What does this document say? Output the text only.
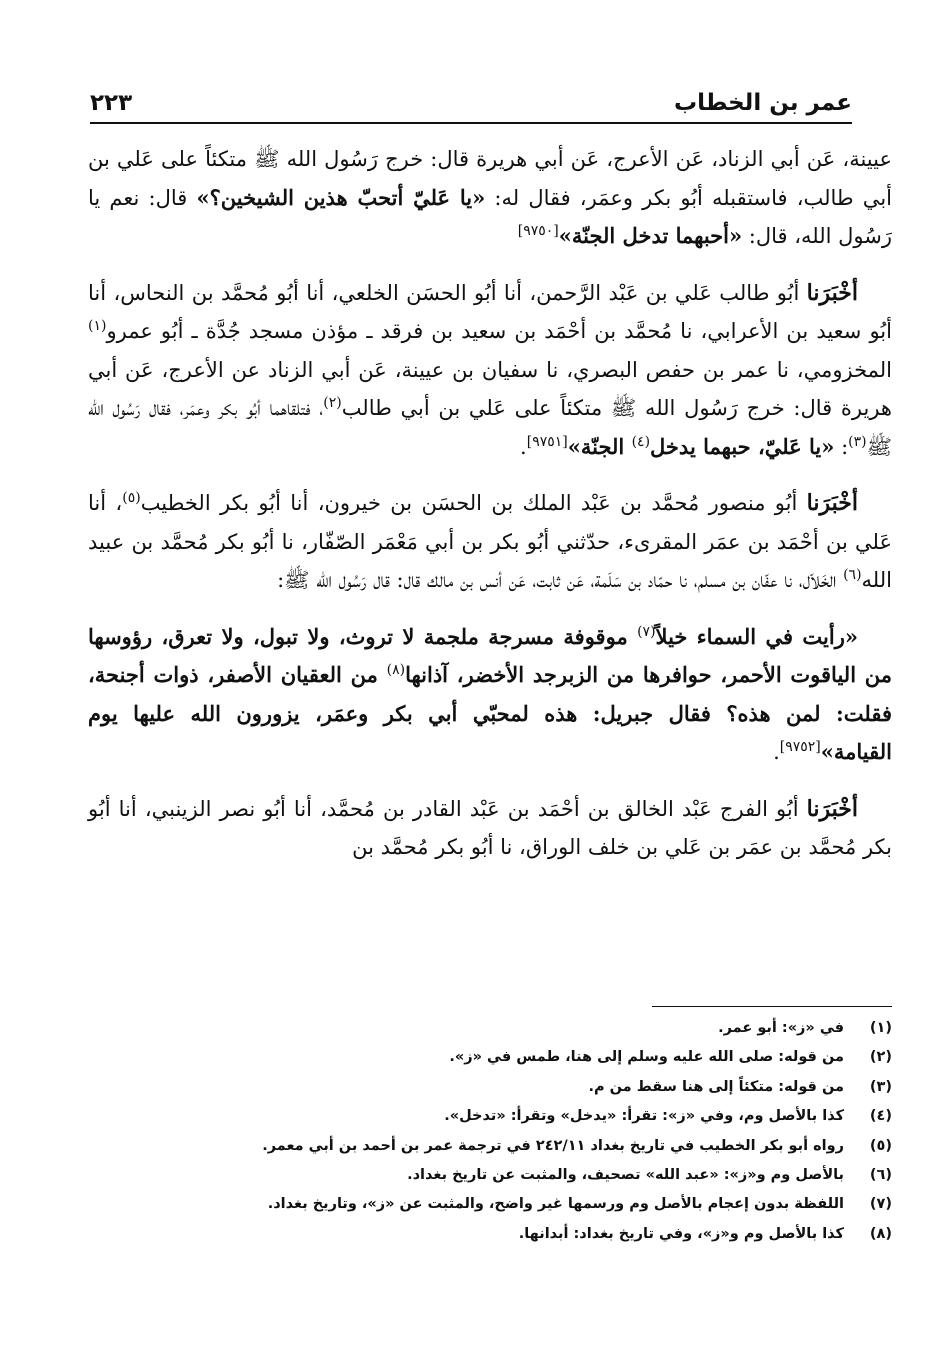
عمر بن الخطاب
٢٢٣

عيينة، عَن أبي الزناد، عَن الأعرج، عَن أبي هريرة قال: خرج رَسُول الله ﷺ متكئاً على عَلي بن أبي طالب، فاستقبله أبُو بكر وعمَر، فقال له: «يا عَليّ أتحبّ هذين الشيخين؟» قال: نعم يا رَسُول الله، قال: «أحبهما تدخل الجنّة»[٩٧٥٠]

أخْبَرَنا أبُو طالب عَلي بن عَبْد الرَّحمن، أنا أبُو الحسَن الخلعي، أنا أبُو مُحمَّد بن النحاس، أنا أبُو سعيد بن الأعرابي، نا مُحمَّد بن أحْمَد بن سعيد بن فرقد ـ مؤذن مسجد جُدَّة ـ أبُو عمرو$^{(١)}$ المخزومي، نا عمر بن حفص البصري، نا سفيان بن عيينة، عَن أبي الزناد عن الأعرج، عَن أبي هريرة قال: خرج رَسُول الله ﷺ متكئاً على عَلي بن أبي طالب$^{(٢)}$، فتلقاهما أبُو بكر وعمَر، فقال رَسُول الله ﷺ$^{(٣)}$: «يا عَليّ، حبهما يدخل$^{(٤)}$ الجنّة»[٩٧٥١].

أخْبَرَنا أبُو منصور مُحمَّد بن عَبْد الملك بن الحسَن بن خيرون، أنا أبُو بكر الخطيب$^{(٥)}$، أنا عَلي بن أحْمَد بن عمَر المقرىء، حدّثني أبُو بكر بن أبي مَعْمَر الصّفّار، نا أبُو بكر مُحمَّد بن عبيد الله$^{(٦)}$ الخَلاّل، نا عفّان بن مسلم، نا حمّاد بن سَلَمة، عَن ثابت، عَن أنس بن مالك قال: قال رَسُول الله ﷺ:

«رأيت في السماء خيلاً$^{(٧)}$ موقوفة مسرجة ملجمة لا تروث، ولا تبول، ولا تعرق، رؤوسها من الياقوت الأحمر، حوافرها من الزبرجد الأخضر، آذانها$^{(٨)}$ من العقيان الأصفر، ذوات أجنحة، فقلت: لمن هذه؟ فقال جبريل: هذه لمحبّي أبي بكر وعمَر، يزورون الله عليها يوم القيامة»[٩٧٥٢].

أخْبَرَنا أبُو الفرج عَبْد الخالق بن أحْمَد بن عَبْد القادر بن مُحمَّد، أنا أبُو نصر الزينبي، أنا أبُو بكر مُحمَّد بن عمَر بن عَلي بن خلف الوراق، نا أبُو بكر مُحمَّد بن

(١)
في «ز»: أبو عمر.
(٢)
من قوله: صلى الله عليه وسلم إلى هنا، طمس في «ز».
(٣)
من قوله: متكئاً إلى هنا سقط من م.
(٤)
كذا بالأصل وم، وفي «ز»: تقرأ: «يدخل» وتقرأ: «تدخل».
(٥)
رواه أبو بكر الخطيب في تاريخ بغداد ٢٤٢/١١ في ترجمة عمر بن أحمد بن أبي معمر.
(٦)
بالأصل وم و«ز»: «عبد الله» تصحيف، والمثبت عن تاريخ بغداد.
(٧)
اللفظة بدون إعجام بالأصل وم ورسمها غير واضح، والمثبت عن «ز»، وتاريخ بغداد.
(٨)
كذا بالأصل وم و«ز»، وفي تاريخ بغداد: أبدانها.
